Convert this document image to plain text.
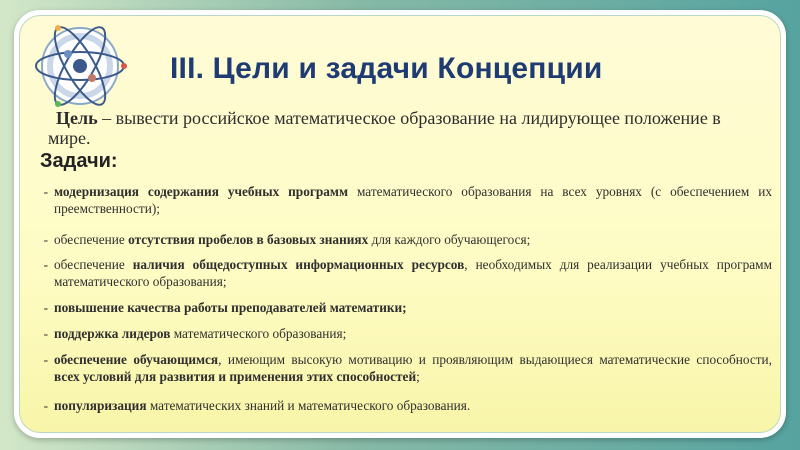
III. Цели и задачи Концепции
Цель – вывести российское математическое образование на лидирующее положение в мире.
Задачи:
- модернизация содержания учебных программ математического образования на всех уровнях (с обеспечением их преемственности);
- обеспечение отсутствия пробелов в базовых знаниях для каждого обучающегося;
- обеспечение наличия общедоступных информационных ресурсов, необходимых для реализации учебных программ математического образования;
- повышение качества работы преподавателей математики;
- поддержка лидеров математического образования;
- обеспечение обучающимся, имеющим высокую мотивацию и проявляющим выдающиеся математические способности, всех условий для развития и применения этих способностей;
- популяризация математических знаний и математического образования.
